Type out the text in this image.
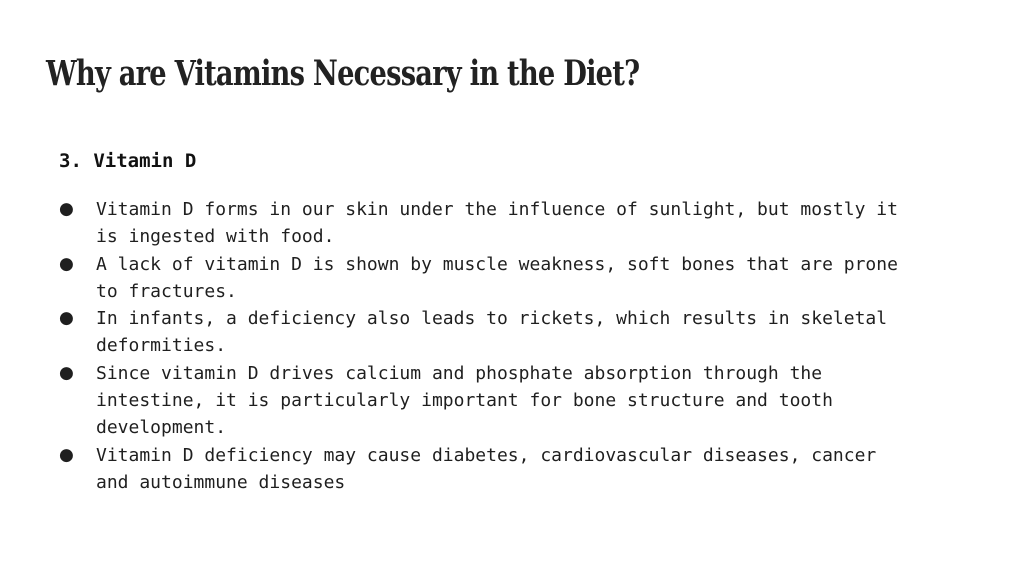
Why are Vitamins Necessary in the Diet?
3. Vitamin D
● Vitamin D forms in our skin under the influence of sunlight, but mostly it
is ingested with food.
● A lack of vitamin D is shown by muscle weakness, soft bones that are prone
to fractures.
● In infants, a deficiency also leads to rickets, which results in skeletal
deformities.
● Since vitamin D drives calcium and phosphate absorption through the
intestine, it is particularly important for bone structure and tooth
development.
● Vitamin D deficiency may cause diabetes, cardiovascular diseases, cancer
and autoimmune diseases
